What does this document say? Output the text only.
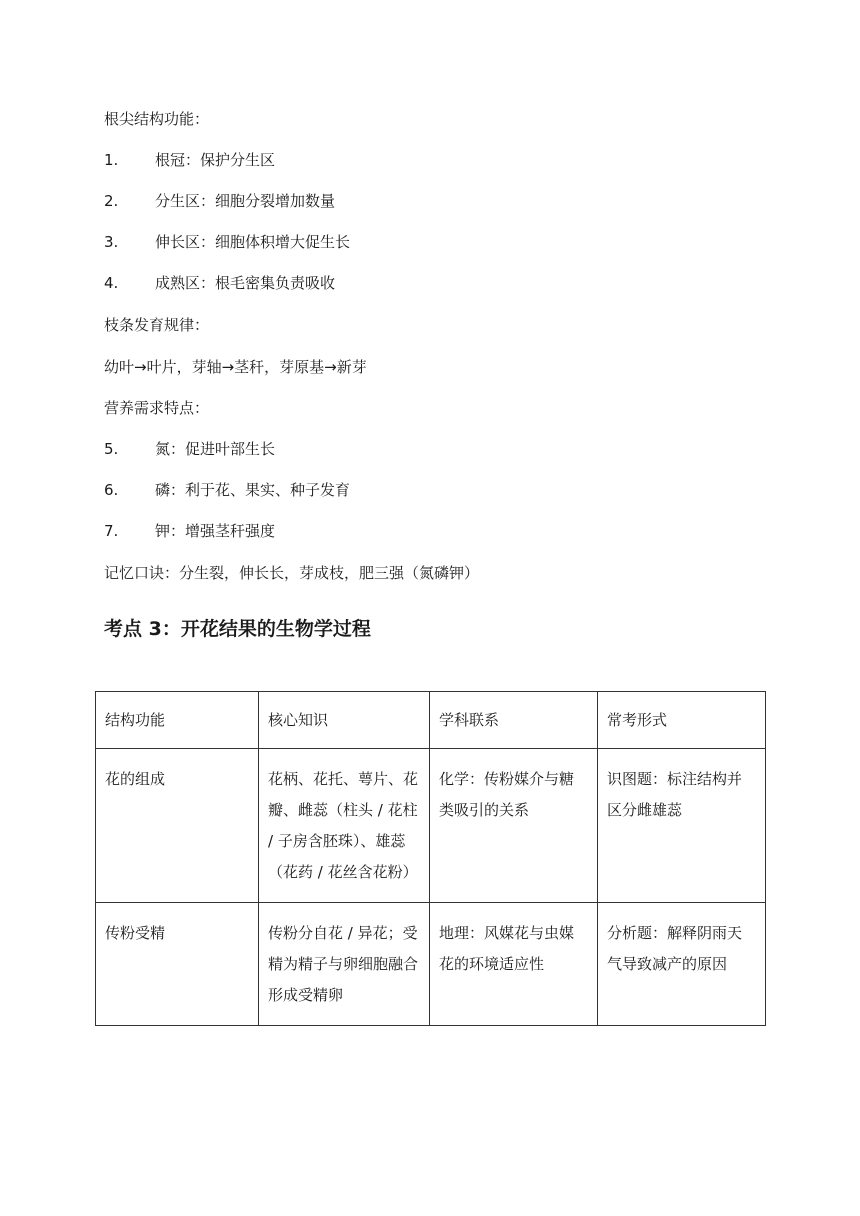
根尖结构功能：
1. 根冠：保护分生区
2. 分生区：细胞分裂增加数量
3. 伸长区：细胞体积增大促生长
4. 成熟区：根毛密集负责吸收
枝条发育规律：
幼叶→叶片，芽轴→茎秆，芽原基→新芽
营养需求特点：
5. 氮：促进叶部生长
6. 磷：利于花、果实、种子发育
7. 钾：增强茎秆强度
记忆口诀：分生裂，伸长长，芽成枝，肥三强（氮磷钾）
考点 3：开花结果的生物学过程
结构功能	核心知识	学科联系	常考形式
花的组成	花柄、花托、萼片、花瓣、雌蕊（柱头 / 花柱 / 子房含胚珠）、雄蕊（花药 / 花丝含花粉）	化学：传粉媒介与糖类吸引的关系	识图题：标注结构并区分雌雄蕊
传粉受精	传粉分自花 / 异花；受精为精子与卵细胞融合形成受精卵	地理：风媒花与虫媒花的环境适应性	分析题：解释阴雨天气导致减产的原因
